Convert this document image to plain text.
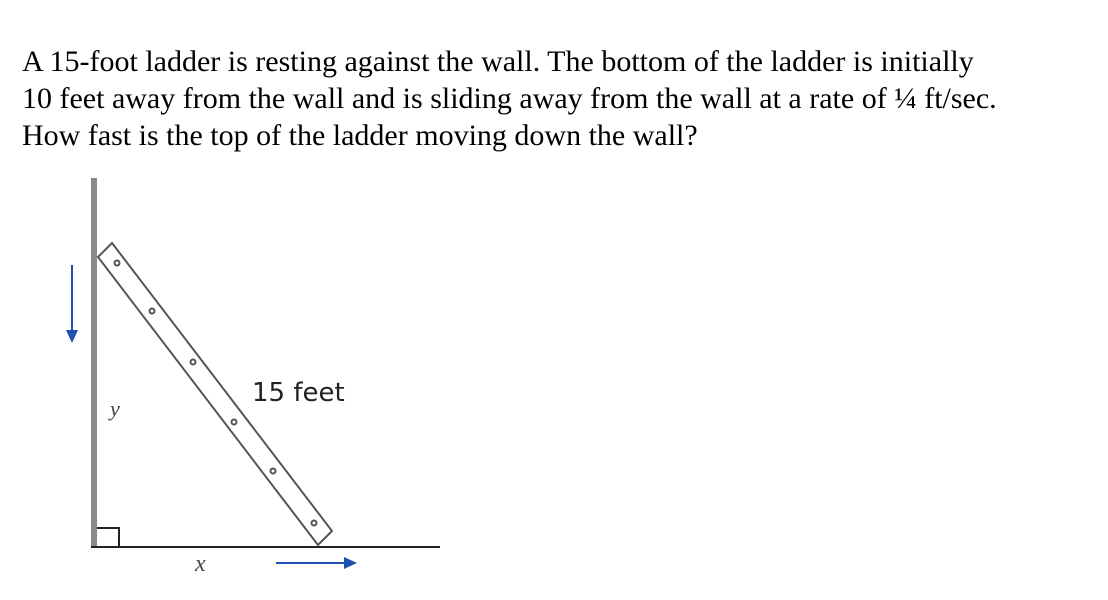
A 15-foot ladder is resting against the wall. The bottom of the ladder is initially
10 feet away from the wall and is sliding away from the wall at a rate of ¼ ft/sec.
How fast is the top of the ladder moving down the wall?

15 feet
y
x
